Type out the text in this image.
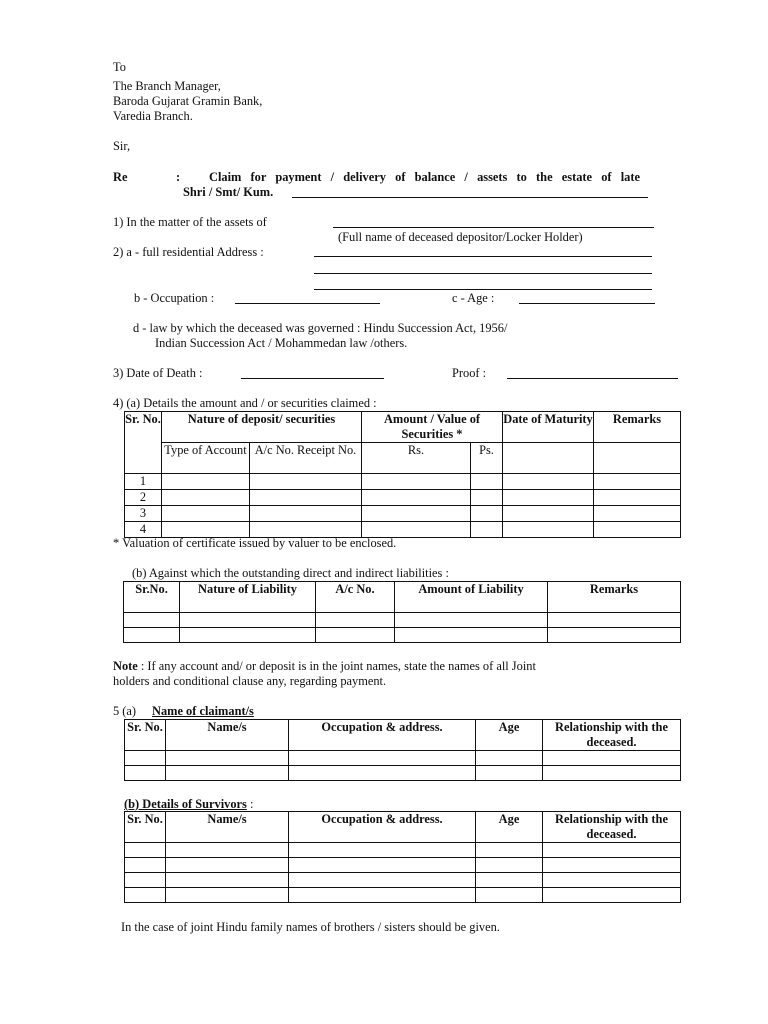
To
The Branch Manager,
Baroda Gujarat Gramin Bank,
Varedia Branch.
Sir,
Re	: Claim for payment / delivery of balance / assets to the estate of late
Shri / Smt/ Kum.
1) In the matter of the assets of
(Full name of deceased depositor/Locker Holder)
2) a - full residential Address :
b - Occupation :	c - Age :
d - law by which the deceased was governed : Hindu Succession Act, 1956/
Indian Succession Act / Mohammedan law /others.
3) Date of Death :	Proof :
4) (a) Details the amount and / or securities claimed :
Sr. No.	Nature of deposit/ securities		Amount / Value of Securities *		Date of Maturity	Remarks
	Type of Account	A/c No. Receipt No.	Rs.	Ps.		
1						
2						
3						
4						
* Valuation of certificate issued by valuer to be enclosed.
(b) Against which the outstanding direct and indirect liabilities :
Sr.No.	Nature of Liability	A/c No.	Amount of Liability	Remarks

Note : If any account and/ or deposit is in the joint names, state the names of all Joint
holders and conditional clause any, regarding payment.
5 (a) Name of claimant/s
Sr. No.	Name/s	Occupation & address.	Age	Relationship with the deceased.

(b) Details of Survivors :
Sr. No.	Name/s	Occupation & address.	Age	Relationship with the deceased.

In the case of joint Hindu family names of brothers / sisters should be given.
